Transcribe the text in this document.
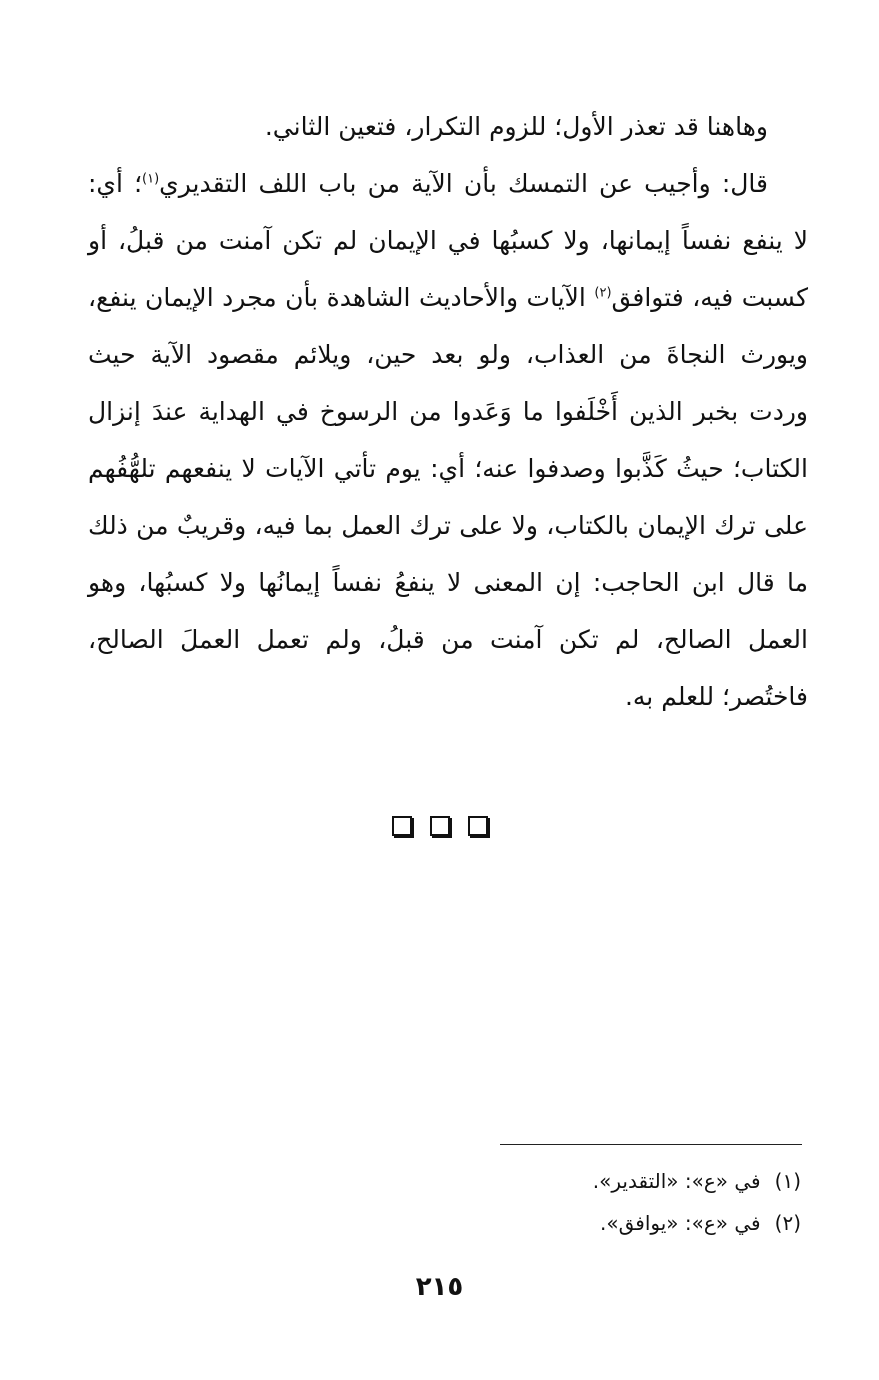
وهاهنا قد تعذر الأول؛ للزوم التكرار، فتعين الثاني.
قال: وأجيب عن التمسك بأن الآية من باب اللف التقديري$^{(١)}$؛ أي:
لا ينفع نفساً إيمانها، ولا كسبُها في الإيمان لم تكن آمنت من قبلُ، أو
كسبت فيه، فتوافق$^{(٢)}$ الآيات والأحاديث الشاهدة بأن مجرد الإيمان ينفع،
ويورث النجاةَ من العذاب، ولو بعد حين، ويلائم مقصود الآية حيث
وردت بخبر الذين أَخْلَفوا ما وَعَدوا من الرسوخ في الهداية عندَ إنزال
الكتاب؛ حيثُ كَذَّبوا وصدفوا عنه؛ أي: يوم تأتي الآيات لا ينفعهم تلهُّفُهم
على ترك الإيمان بالكتاب، ولا على ترك العمل بما فيه، وقريبٌ من ذلك
ما قال ابن الحاجب: إن المعنى لا ينفعُ نفساً إيمانُها ولا كسبُها، وهو
العمل الصالح، لم تكن آمنت من قبلُ، ولم تعمل العملَ الصالح،
فاختُصر؛ للعلم به.
(١)في «ع»: «التقدير».
(٢)في «ع»: «يوافق».
٢١٥
